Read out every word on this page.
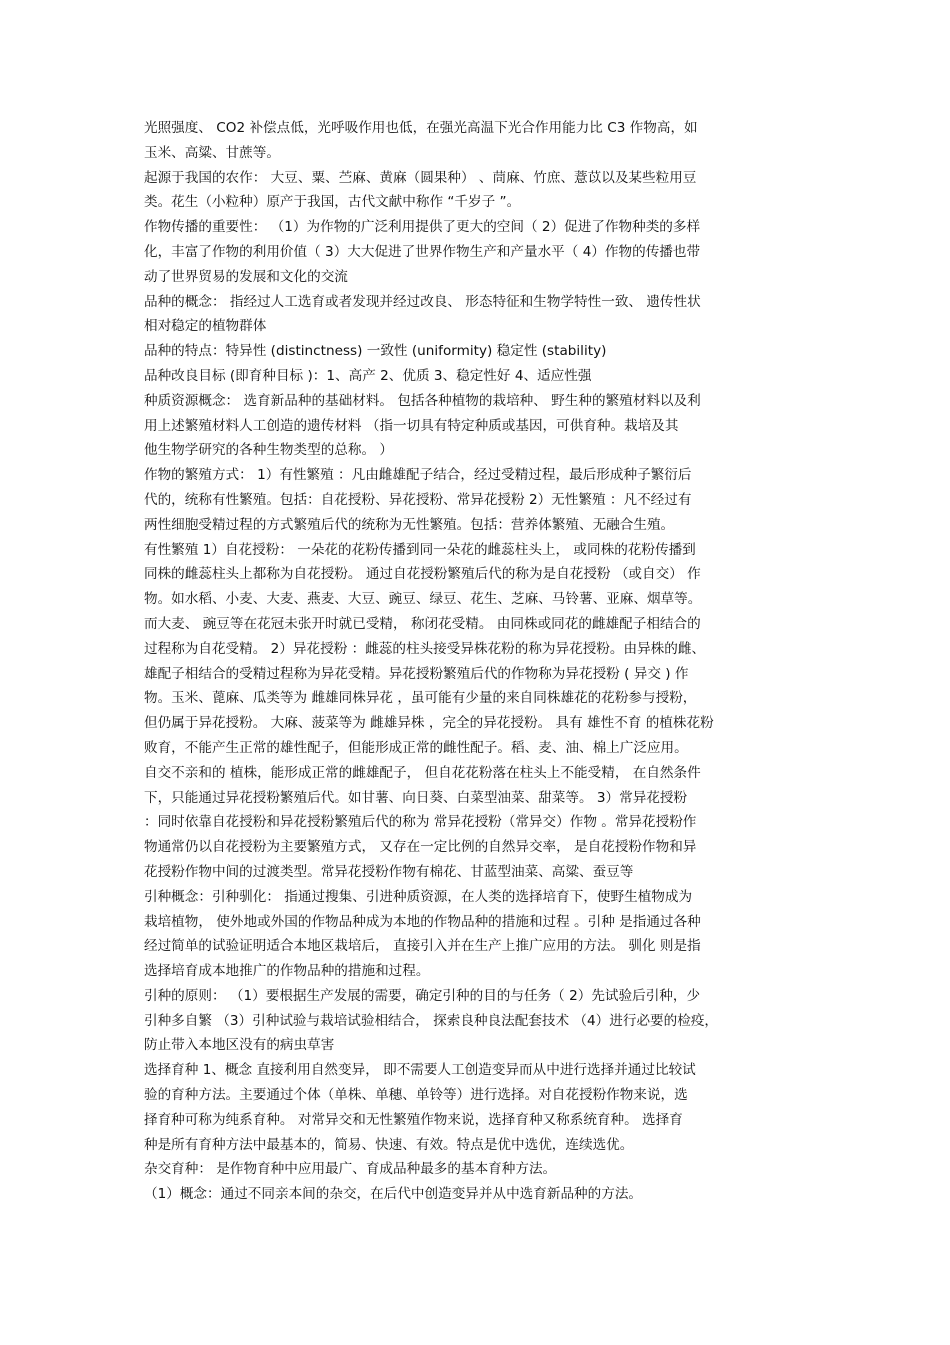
光照强度、 CO2 补偿点低，光呼吸作用也低，在强光高温下光合作用能力比 C3 作物高，如
玉米、高粱、甘蔗等。
起源于我国的农作： 大豆、粟、苎麻、黄麻（圆果种） 、茼麻、竹庶、薏苡以及某些粒用豆
类。花生（小粒种）原产于我国，古代文献中称作 “千岁子 ”。
作物传播的重要性： （1）为作物的广泛利用提供了更大的空间（ 2）促进了作物种类的多样
化，丰富了作物的利用价值（ 3）大大促进了世界作物生产和产量水平（ 4）作物的传播也带
动了世界贸易的发展和文化的交流
品种的概念： 指经过人工选育或者发现并经过改良、 形态特征和生物学特性一致、 遗传性状
相对稳定的植物群体
品种的特点：特异性 (distinctness) 一致性 (uniformity) 稳定性 (stability)
品种改良目标 (即育种目标 )：1、高产 2、优质 3、稳定性好 4、适应性强
种质资源概念： 选育新品种的基础材料。 包括各种植物的栽培种、 野生种的繁殖材料以及利
用上述繁殖材料人工创造的遗传材料 （指一切具有特定种质或基因，可供育种。栽培及其
他生物学研究的各种生物类型的总称。 ）
作物的繁殖方式： 1）有性繁殖 ：凡由雌雄配子结合，经过受精过程，最后形成种子繁衍后
代的，统称有性繁殖。包括：自花授粉、异花授粉、常异花授粉 2）无性繁殖 ：凡不经过有
两性细胞受精过程的方式繁殖后代的统称为无性繁殖。包括：营养体繁殖、无融合生殖。
有性繁殖 1）自花授粉： 一朵花的花粉传播到同一朵花的雌蕊柱头上， 或同株的花粉传播到
同株的雌蕊柱头上都称为自花授粉。 通过自花授粉繁殖后代的称为是自花授粉 （或自交） 作
物。如水稻、小麦、大麦、燕麦、大豆、豌豆、绿豆、花生、芝麻、马铃薯、亚麻、烟草等。
而大麦、 豌豆等在花冠未张开时就已受精， 称闭花受精。 由同株或同花的雌雄配子相结合的
过程称为自花受精。 2）异花授粉 ：雌蕊的柱头接受异株花粉的称为异花授粉。由异株的雌、
雄配子相结合的受精过程称为异花受精。异花授粉繁殖后代的作物称为异花授粉 ( 异交 ) 作
物。玉米、蓖麻、瓜类等为 雌雄同株异花 ，虽可能有少量的来自同株雄花的花粉参与授粉，
但仍属于异花授粉。 大麻、菠菜等为 雌雄异株 ，完全的异花授粉。 具有 雄性不育 的植株花粉
败育，不能产生正常的雄性配子，但能形成正常的雌性配子。稻、麦、油、棉上广泛应用。
自交不亲和的 植株，能形成正常的雌雄配子， 但自花花粉落在柱头上不能受精， 在自然条件
下，只能通过异花授粉繁殖后代。如甘薯、向日葵、白菜型油菜、甜菜等。 3）常异花授粉
：同时依靠自花授粉和异花授粉繁殖后代的称为 常异花授粉（常异交）作物 。常异花授粉作
物通常仍以自花授粉为主要繁殖方式， 又存在一定比例的自然异交率， 是自花授粉作物和异
花授粉作物中间的过渡类型。常异花授粉作物有棉花、甘蓝型油菜、高粱、蚕豆等
引种概念：引种驯化： 指通过搜集、引进种质资源，在人类的选择培育下，使野生植物成为
栽培植物， 使外地或外国的作物品种成为本地的作物品种的措施和过程 。引种 是指通过各种
经过简单的试验证明适合本地区栽培后， 直接引入并在生产上推广应用的方法。 驯化 则是指
选择培育成本地推广的作物品种的措施和过程。
引种的原则： （1）要根据生产发展的需要，确定引种的目的与任务（ 2）先试验后引种，少
引种多自繁 （3）引种试验与栽培试验相结合， 探索良种良法配套技术 （4）进行必要的检疫，
防止带入本地区没有的病虫草害
选择育种 1、概念 直接利用自然变异， 即不需要人工创造变异而从中进行选择并通过比较试
验的育种方法。主要通过个体（单株、单穗、单铃等）进行选择。对自花授粉作物来说，选
择育种可称为纯系育种。 对常异交和无性繁殖作物来说，选择育种又称系统育种。 选择育
种是所有育种方法中最基本的，简易、快速、有效。特点是优中选优，连续选优。
杂交育种： 是作物育种中应用最广、育成品种最多的基本育种方法。
（1）概念：通过不同亲本间的杂交，在后代中创造变异并从中选育新品种的方法。
